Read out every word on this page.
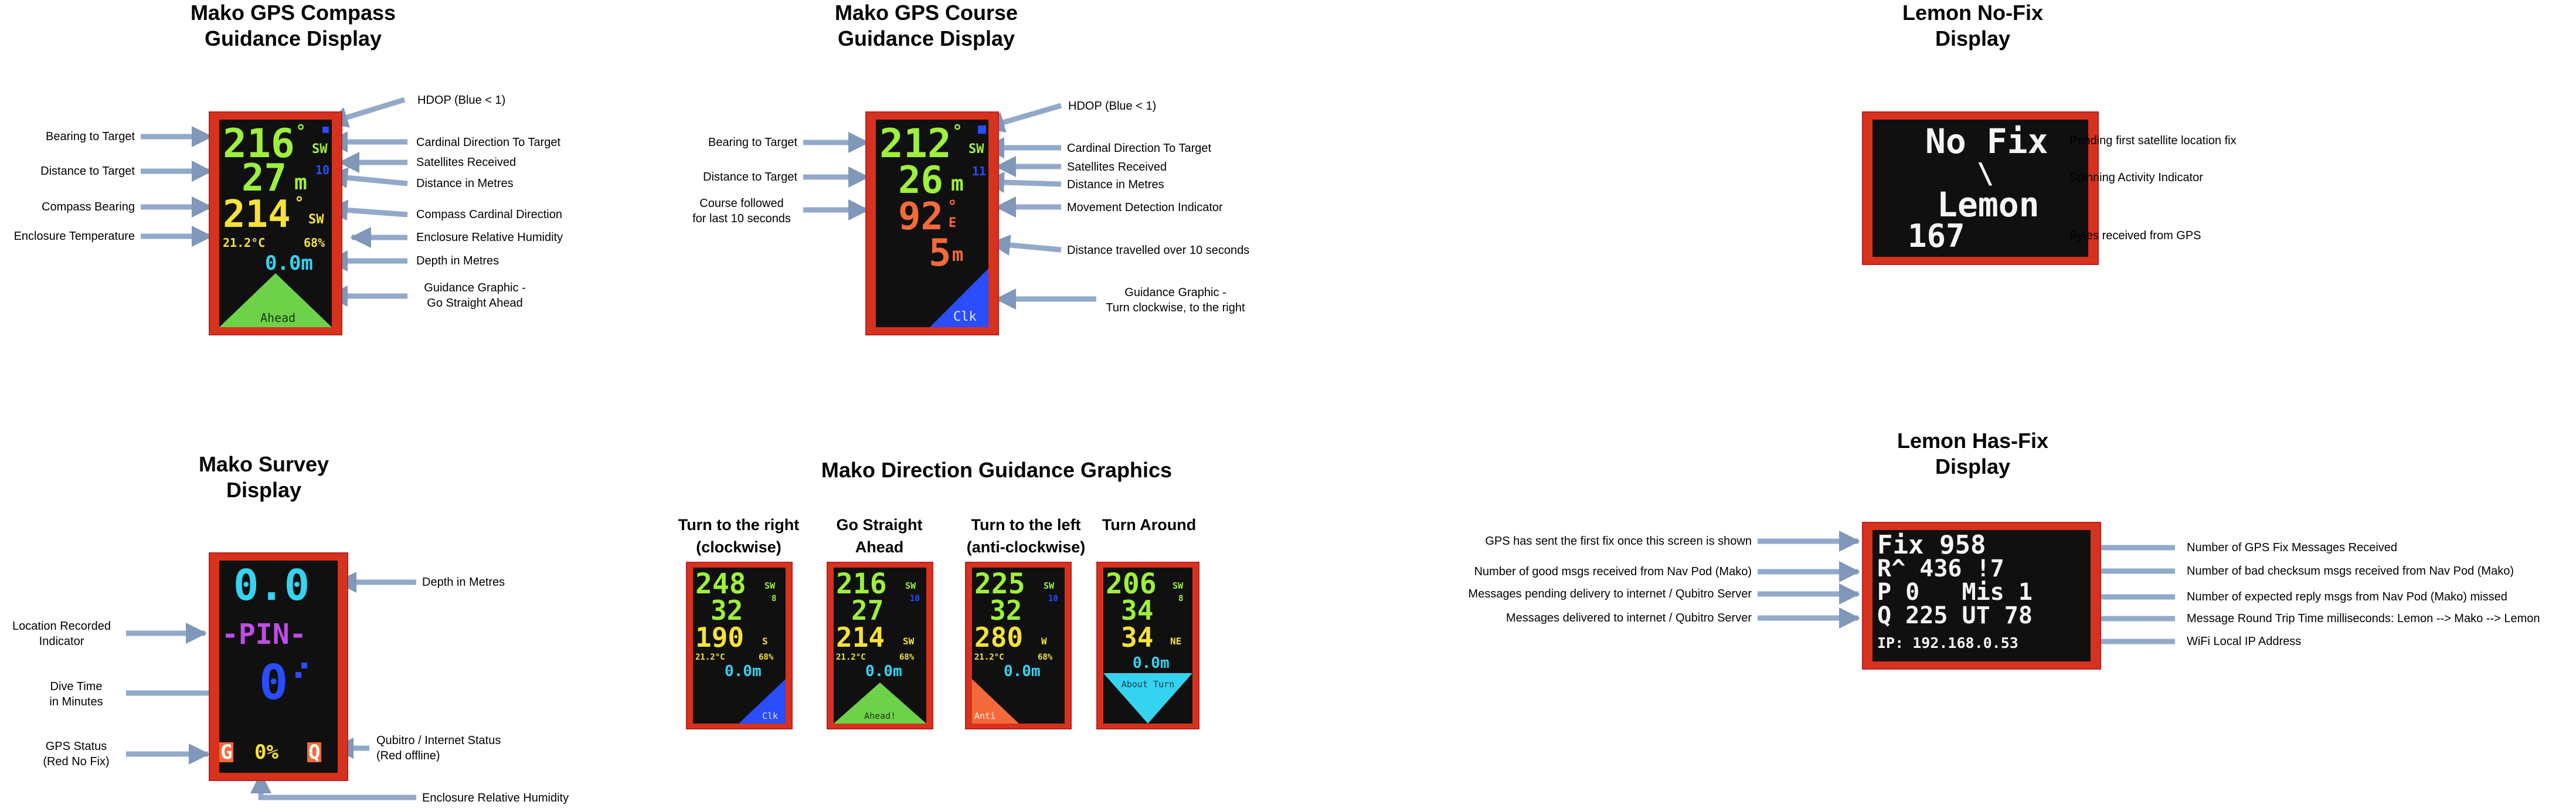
Mako GPS Compass
Guidance Display
216 °
SW
■
27 m
10
214 °
SW
21.2°C	68%
0.0m
Ahead
Bearing to Target
Distance to Target
Compass Bearing
Enclosure Temperature
HDOP (Blue < 1)
Cardinal Direction To Target
Satellites Received
Distance in Metres
Compass Cardinal Direction
Enclosure Relative Humidity
Depth in Metres
Guidance Graphic -
Go Straight Ahead
Mako GPS Course
Guidance Display
212 °
SW
26 m
11
92 °
E
5 m
Clk
Bearing to Target
Distance to Target
Course followed
for last 10 seconds
HDOP (Blue < 1)
Cardinal Direction To Target
Satellites Received
Distance in Metres
Movement Detection Indicator
Distance travelled over 10 seconds
Guidance Graphic -
Turn clockwise, to the right
Lemon No-Fix
Display
No Fix
\
Lemon
167
Pending first satellite location fix
Spinning Activity Indicator
Bytes received from GPS
Mako Survey
Display
0.0
-PIN-
0
G 0% Q
Depth in Metres
Location Recorded
Indicator
Dive Time
in Minutes
GPS Status
(Red No Fix)
Qubitro / Internet Status
(Red offline)
Enclosure Relative Humidity
Mako Direction Guidance Graphics
Turn to the right
(clockwise)
248 SW
8
32
190 S
21.2°C	68%
0.0m
Clk
Go Straight
Ahead
216 SW
10
27
214 SW
21.2°C	68%
0.0m
Ahead!
Turn to the left
(anti-clockwise)
225 SW
10
32
280 W
21.2°C	68%
0.0m
Anti
Turn Around
206 SW
8
34
34 NE
0.0m
About Turn
Lemon Has-Fix
Display
Fix 958
R^ 436 !7
P 0   Mis 1
Q 225 UT 78
IP: 192.168.0.53
GPS has sent the first fix once this screen is shown
Number of good msgs received from Nav Pod (Mako)
Messages pending delivery to internet / Qubitro Server
Messages delivered to internet / Qubitro Server
Number of GPS Fix Messages Received
Number of bad checksum msgs received from Nav Pod (Mako)
Number of expected reply msgs from Nav Pod (Mako) missed
Message Round Trip Time milliseconds: Lemon --> Mako --> Lemon
WiFi Local IP Address
